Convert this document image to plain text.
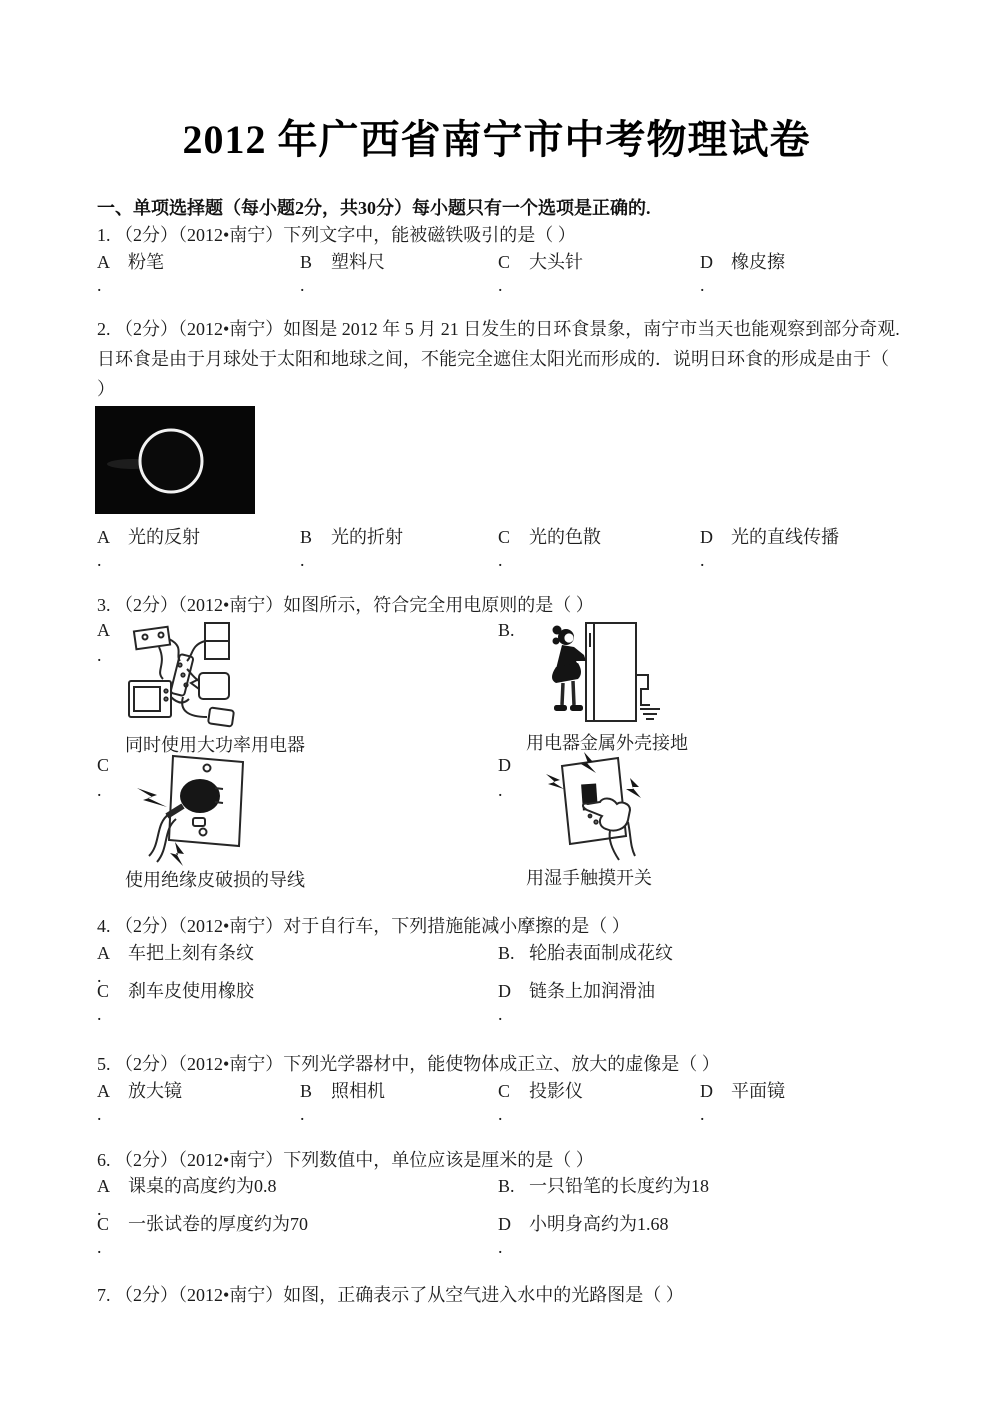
2012 年广西省南宁市中考物理试卷
一、单项选择题（每小题2分，共30分）每小题只有一个选项是正确的.
1. （2分）（2012•南宁）下列文字中，能被磁铁吸引的是（ ）
A	粉笔
.
B	塑料尺
.
C	大头针
.
D	橡皮擦
.
2. （2分）（2012•南宁）如图是 2012 年 5 月 21 日发生的日环食景象，南宁市当天也能观察到部分奇观.
日环食是由于月球处于太阳和地球之间，不能完全遮住太阳光而形成的．说明日环食的形成是由于（
）
A	光的反射
.
B	光的折射
.
C	光的色散
.
D	光的直线传播
.
3. （2分）（2012•南宁）如图所示，符合完全用电原则的是（ ）
A
.
同时使用大功率用电器
B.
用电器金属外壳接地
C
.
使用绝缘皮破损的导线
D
.
用湿手触摸开关
4. （2分）（2012•南宁）对于自行车，下列措施能减小摩擦的是（ ）
A	车把上刻有条纹
.
B. 轮胎表面制成花纹
C	刹车皮使用橡胶
.
D	链条上加润滑油
.
5. （2分）（2012•南宁）下列光学器材中，能使物体成正立、放大的虚像是（ ）
A	放大镜
.
B	照相机
.
C	投影仪
.
D	平面镜
.
6. （2分）（2012•南宁）下列数值中，单位应该是厘米的是（ ）
A	课桌的高度约为0.8
.
B. 一只铅笔的长度约为18
C	一张试卷的厚度约为70
.
D	小明身高约为1.68
.
7. （2分）（2012•南宁）如图，正确表示了从空气进入水中的光路图是（ ）
